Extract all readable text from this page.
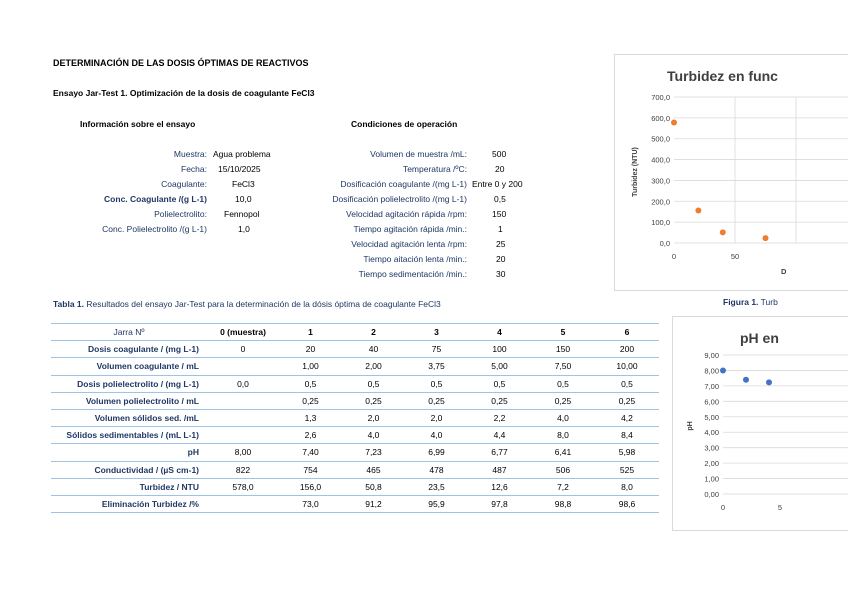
DETERMINACIÓN DE LAS DOSIS ÓPTIMAS DE REACTIVOS
Ensayo Jar-Test 1. Optimización de la dosis de coagulante FeCl3
Información sobre el ensayo
Muestra: Agua problema
Fecha: 15/10/2025
Coagulante:	FeCl3
Conc. Coagulante /(g L-1)	10,0
Polielectrolito: Fennopol
Conc. Polielectrolito /(g L-1)	1,0
Condiciones de operación
Volumen de muestra /mL:	500
Temperatura /ºC:	20
Dosificación coagulante /(mg L-1) Entre 0 y 200
Dosificación polielectrolito /(mg L-1)	0,5
Velocidad agitación rápida /rpm:	150
Tiempo agitación rápida /min.:	1
Velocidad agitación lenta /rpm:	25
Tiempo aitación lenta /min.:	20
Tiempo sedimentación /min.:	30
Tabla 1. Resultados del ensayo Jar-Test para la determinación de la dósis óptima de coagulante FeCl3
Jarra Nº	0 (muestra)	1	2	3	4	5	6
Dosis coagulante / (mg L-1)	0	20	40	75	100	150	200
Volumen coagulante / mL		1,00	2,00	3,75	5,00	7,50	10,00
Dosis polielectrolito / (mg L-1)	0,0	0,5	0,5	0,5	0,5	0,5	0,5
Volumen polielectrolito / mL		0,25	0,25	0,25	0,25	0,25	0,25
Volumen sólidos sed. /mL		1,3	2,0	2,0	2,2	4,0	4,2
Sólidos sedimentables / (mL L-1)		2,6	4,0	4,0	4,4	8,0	8,4
pH	8,00	7,40	7,23	6,99	6,77	6,41	5,98
Conductividad / (µS cm-1)	822	754	465	478	487	506	525
Turbidez / NTU	578,0	156,0	50,8	23,5	12,6	7,2	8,0
Eliminación Turbidez /%		73,0	91,2	95,9	97,8	98,8	98,6
Turbidez en func
Turbidez (NTU)
0,0
100,0
200,0
300,0
400,0
500,0
600,0
700,0
0	50
D
Figura 1. Turb
pH en
pH
0,00
1,00
2,00
3,00
4,00
5,00
6,00
7,00
8,00
9,00
0	5
